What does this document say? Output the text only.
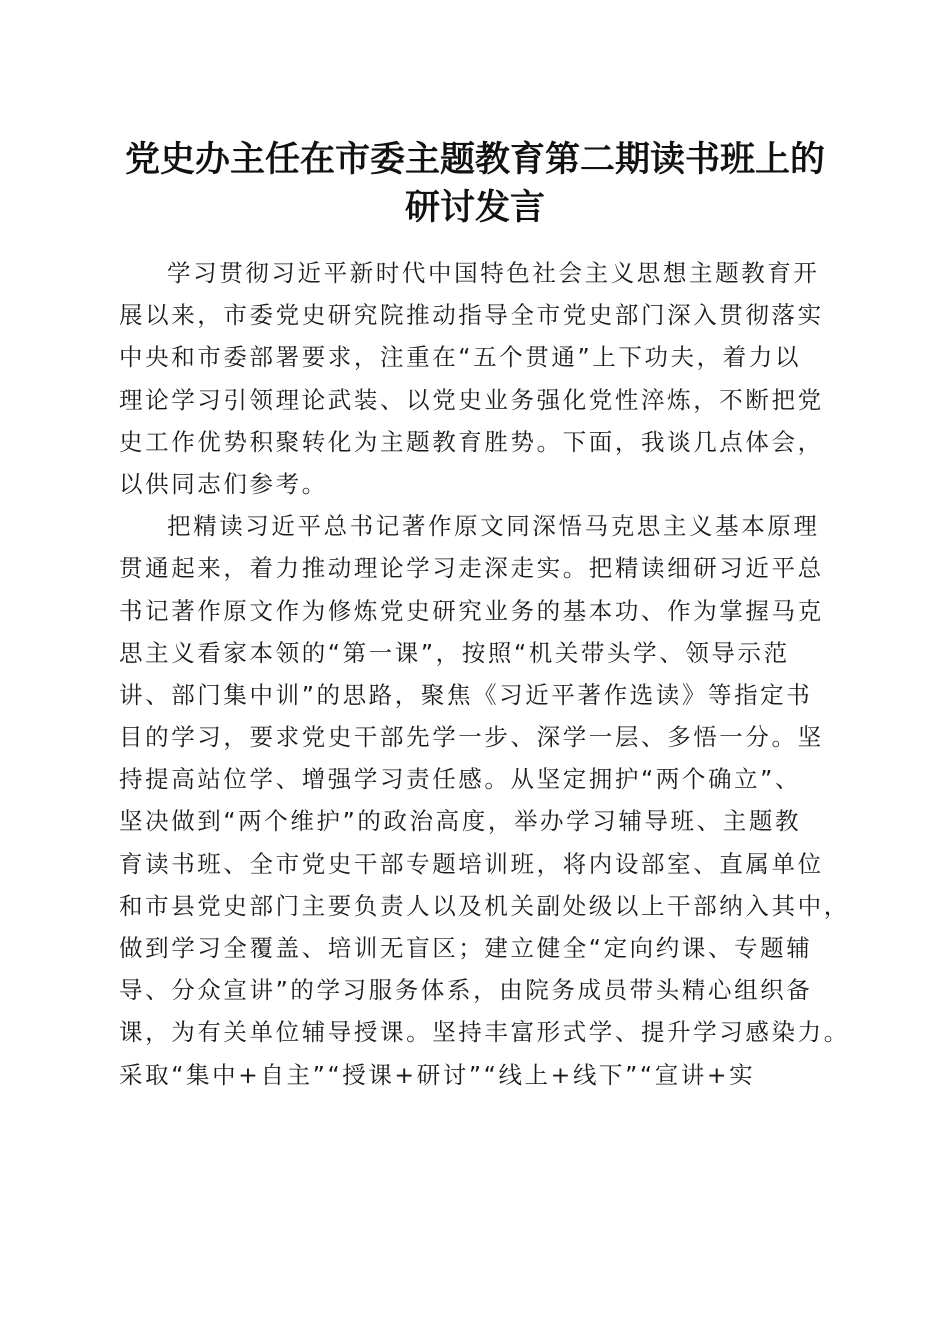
党史办主任在市委主题教育第二期读书班上的
研讨发言
学习贯彻习近平新时代中国特色社会主义思想主题教育开
展以来，市委党史研究院推动指导全市党史部门深入贯彻落实
中央和市委部署要求，注重在“五个贯通”上下功夫，着力以
理论学习引领理论武装、以党史业务强化党性淬炼，不断把党
史工作优势积聚转化为主题教育胜势。下面，我谈几点体会，
以供同志们参考。
把精读习近平总书记著作原文同深悟马克思主义基本原理
贯通起来，着力推动理论学习走深走实。把精读细研习近平总
书记著作原文作为修炼党史研究业务的基本功、作为掌握马克
思主义看家本领的“第一课”，按照“机关带头学、领导示范
讲、部门集中训”的思路，聚焦《习近平著作选读》等指定书
目的学习，要求党史干部先学一步、深学一层、多悟一分。坚
持提高站位学、增强学习责任感。从坚定拥护“两个确立”、
坚决做到“两个维护”的政治高度，举办学习辅导班、主题教
育读书班、全市党史干部专题培训班，将内设部室、直属单位
和市县党史部门主要负责人以及机关副处级以上干部纳入其中，
做到学习全覆盖、培训无盲区；建立健全“定向约课、专题辅
导、分众宣讲”的学习服务体系，由院务成员带头精心组织备
课，为有关单位辅导授课。坚持丰富形式学、提升学习感染力。
采取“集中+自主”“授课+研讨”“线上+线下”“宣讲+实
